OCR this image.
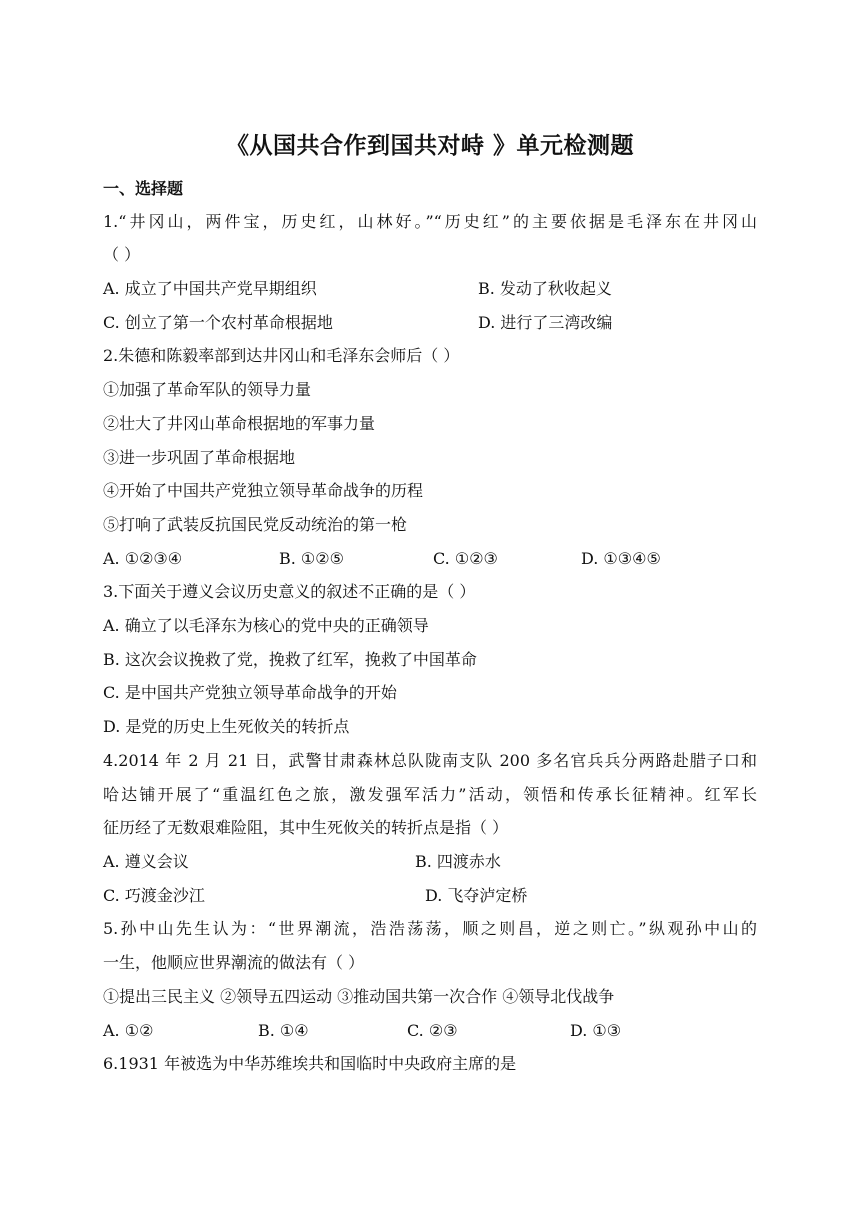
《从国共合作到国共对峙 》单元检测题
一、选择题
1.“井冈山，两件宝，历史红，山林好。”“历史红”的主要依据是毛泽东在井冈山
（ ）
A. 成立了中国共产党早期组织	B. 发动了秋收起义
C. 创立了第一个农村革命根据地	D. 进行了三湾改编
2.朱德和陈毅率部到达井冈山和毛泽东会师后（ ）
①加强了革命军队的领导力量
②壮大了井冈山革命根据地的军事力量
③进一步巩固了革命根据地
④开始了中国共产党独立领导革命战争的历程
⑤打响了武装反抗国民党反动统治的第一枪
A. ①②③④	B. ①②⑤	C. ①②③	D. ①③④⑤
3.下面关于遵义会议历史意义的叙述不正确的是（ ）
A. 确立了以毛泽东为核心的党中央的正确领导
B. 这次会议挽救了党，挽救了红军，挽救了中国革命
C. 是中国共产党独立领导革命战争的开始
D. 是党的历史上生死攸关的转折点
4.2014 年 2 月 21 日，武警甘肃森林总队陇南支队 200 多名官兵兵分两路赴腊子口和
哈达铺开展了“重温红色之旅，激发强军活力”活动，领悟和传承长征精神。红军长
征历经了无数艰难险阻，其中生死攸关的转折点是指（ ）
A. 遵义会议	B. 四渡赤水
C. 巧渡金沙江	D. 飞夺泸定桥
5.孙中山先生认为：“世界潮流，浩浩荡荡，顺之则昌，逆之则亡。”纵观孙中山的
一生，他顺应世界潮流的做法有（ ）
①提出三民主义 ②领导五四运动 ③推动国共第一次合作 ④领导北伐战争
A. ①②	B. ①④	C. ②③	D. ①③
6.1931 年被选为中华苏维埃共和国临时中央政府主席的是
